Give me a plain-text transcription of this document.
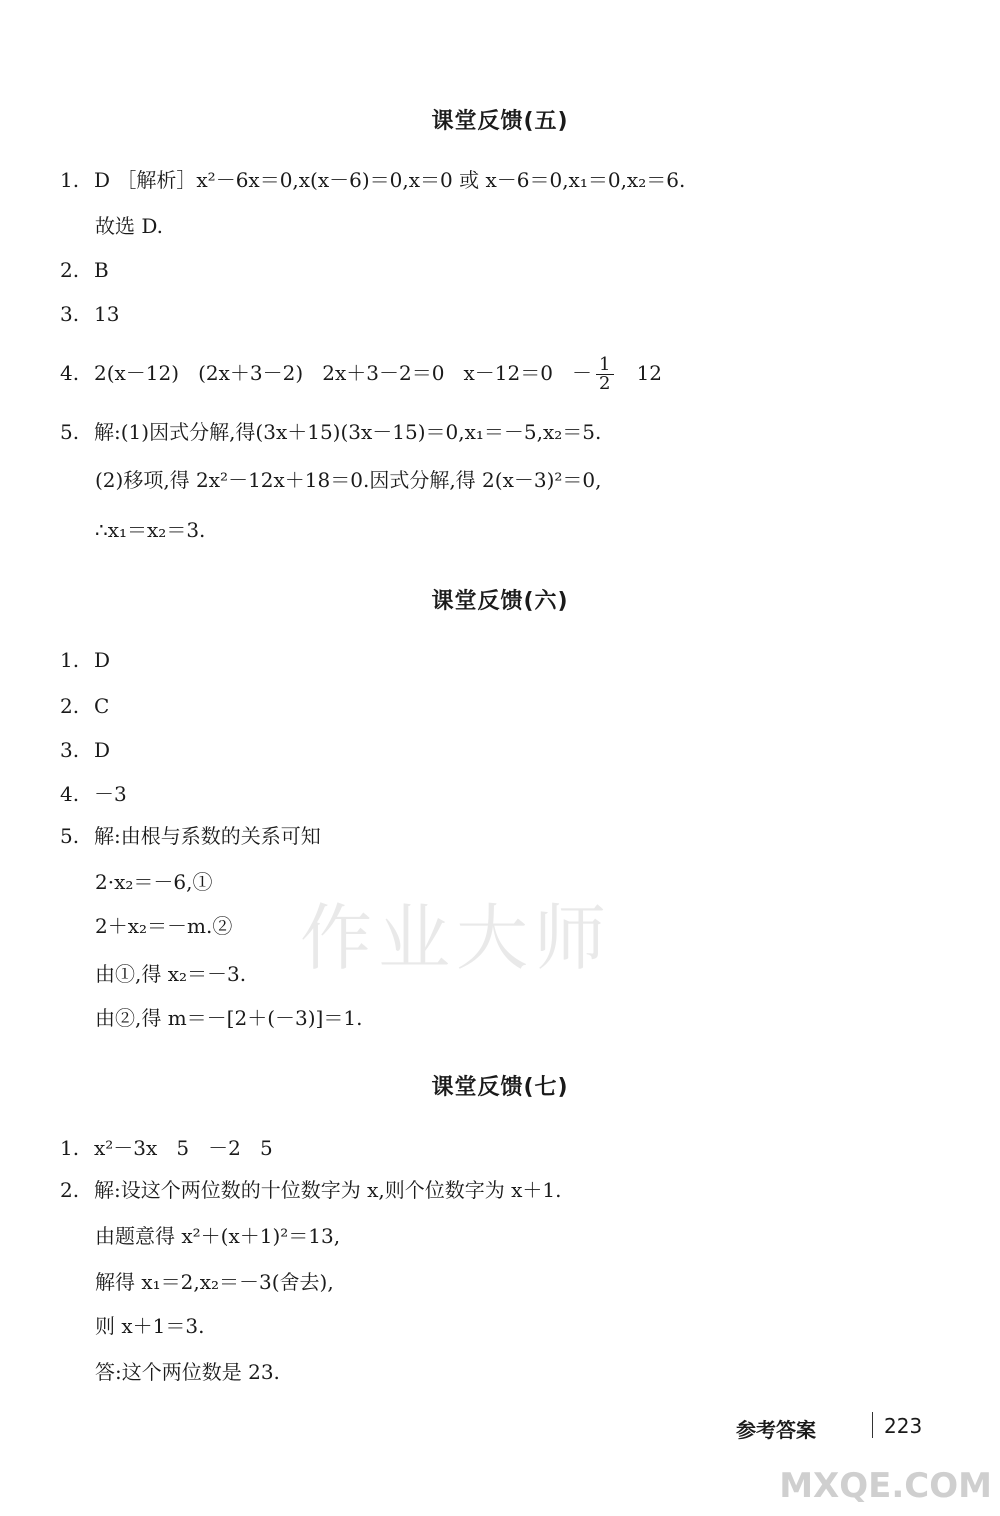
作业大师
课堂反馈(五)
1. D ［解析］x²－6x＝0,x(x－6)＝0,x＝0 或 x－6＝0,x₁＝0,x₂＝6.
故选 D.
2. B
3. 13
4. 2(x－12)   (2x＋3－2)   2x＋3－2＝0   $x-12=0 - \frac{1}{2} 12$
5. 解:(1)因式分解,得(3x＋15)(3x－15)＝0,x₁＝－5,x₂＝5.
(2)移项,得 2x²－12x＋18＝0.因式分解,得 2(x－3)²＝0,
∴x₁＝x₂＝3.
课堂反馈(六)
1. D
2. C
3. D
4. －3
5. 解:由根与系数的关系可知
2·x₂＝－6,①
2＋x₂＝－m.②
由①,得 x₂＝－3.
由②,得 m＝－[2＋(－3)]＝1.
课堂反馈(七)
1. x²－3x   5   －2   5
2. 解:设这个两位数的十位数字为 x,则个位数字为 x＋1.
由题意得 x²＋(x＋1)²＝13,
解得 x₁＝2,x₂＝－3(舍去),
则 x＋1＝3.
答:这个两位数是 23.
参考答案	223
MXQE.COM
